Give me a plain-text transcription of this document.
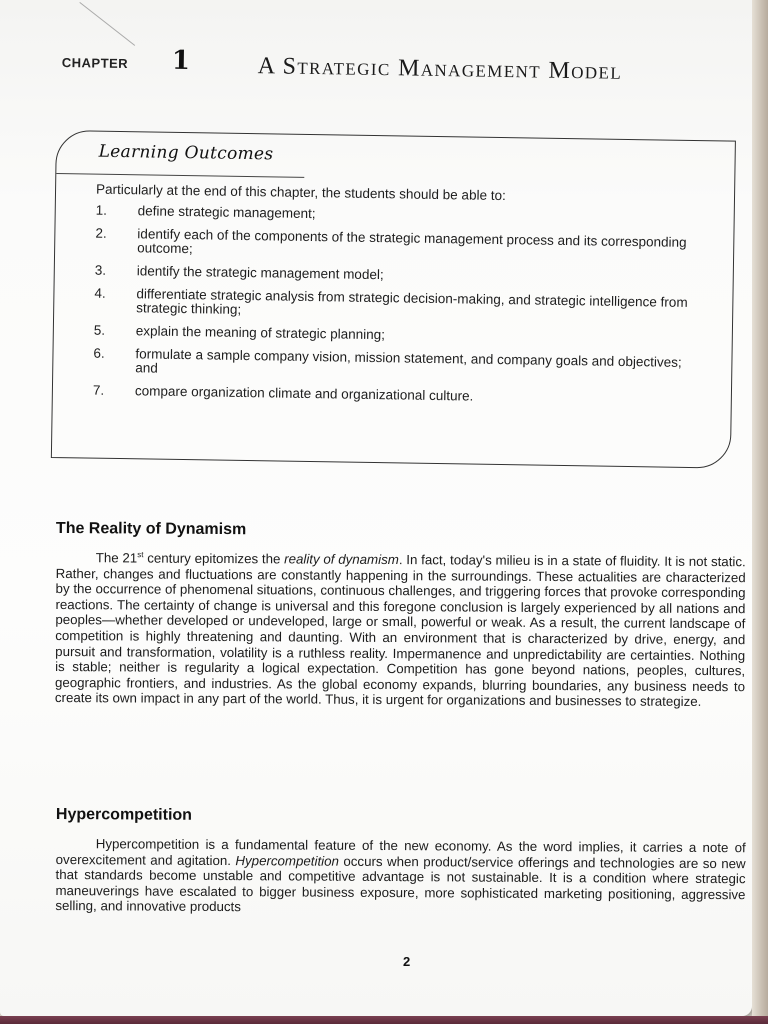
CHAPTER 1	A Strategic Management Model
Learning Outcomes
Particularly at the end of this chapter, the students should be able to:
1.	define strategic management;
2.	identify each of the components of the strategic management process and its corresponding outcome;
3.	identify the strategic management model;
4.	differentiate strategic analysis from strategic decision-making, and strategic intelligence from strategic thinking;
5.	explain the meaning of strategic planning;
6.	formulate a sample company vision, mission statement, and company goals and objectives; and
7.	compare organization climate and organizational culture.
The Reality of Dynamism

The 21st century epitomizes the reality of dynamism. In fact, today's milieu is in a state of fluidity. It is not static. Rather, changes and fluctuations are constantly happening in the surroundings. These actualities are characterized by the occurrence of phenomenal situations, continuous challenges, and triggering forces that provoke corresponding reactions. The certainty of change is universal and this foregone conclusion is largely experienced by all nations and peoples—whether developed or undeveloped, large or small, powerful or weak. As a result, the current landscape of competition is highly threatening and daunting. With an environment that is characterized by drive, energy, and pursuit and transformation, volatility is a ruthless reality. Impermanence and unpredictability are certainties. Nothing is stable; neither is regularity a logical expectation. Competition has gone beyond nations, peoples, cultures, geographic frontiers, and industries. As the global economy expands, blurring boundaries, any business needs to create its own impact in any part of the world. Thus, it is urgent for organizations and businesses to strategize.

Hypercompetition

Hypercompetition is a fundamental feature of the new economy. As the word implies, it carries a note of overexcitement and agitation. Hypercompetition occurs when product/service offerings and technologies are so new that standards become unstable and competitive advantage is not sustainable. It is a condition where strategic maneuverings have escalated to bigger business exposure, more sophisticated marketing positioning, aggressive selling, and innovative products

2
